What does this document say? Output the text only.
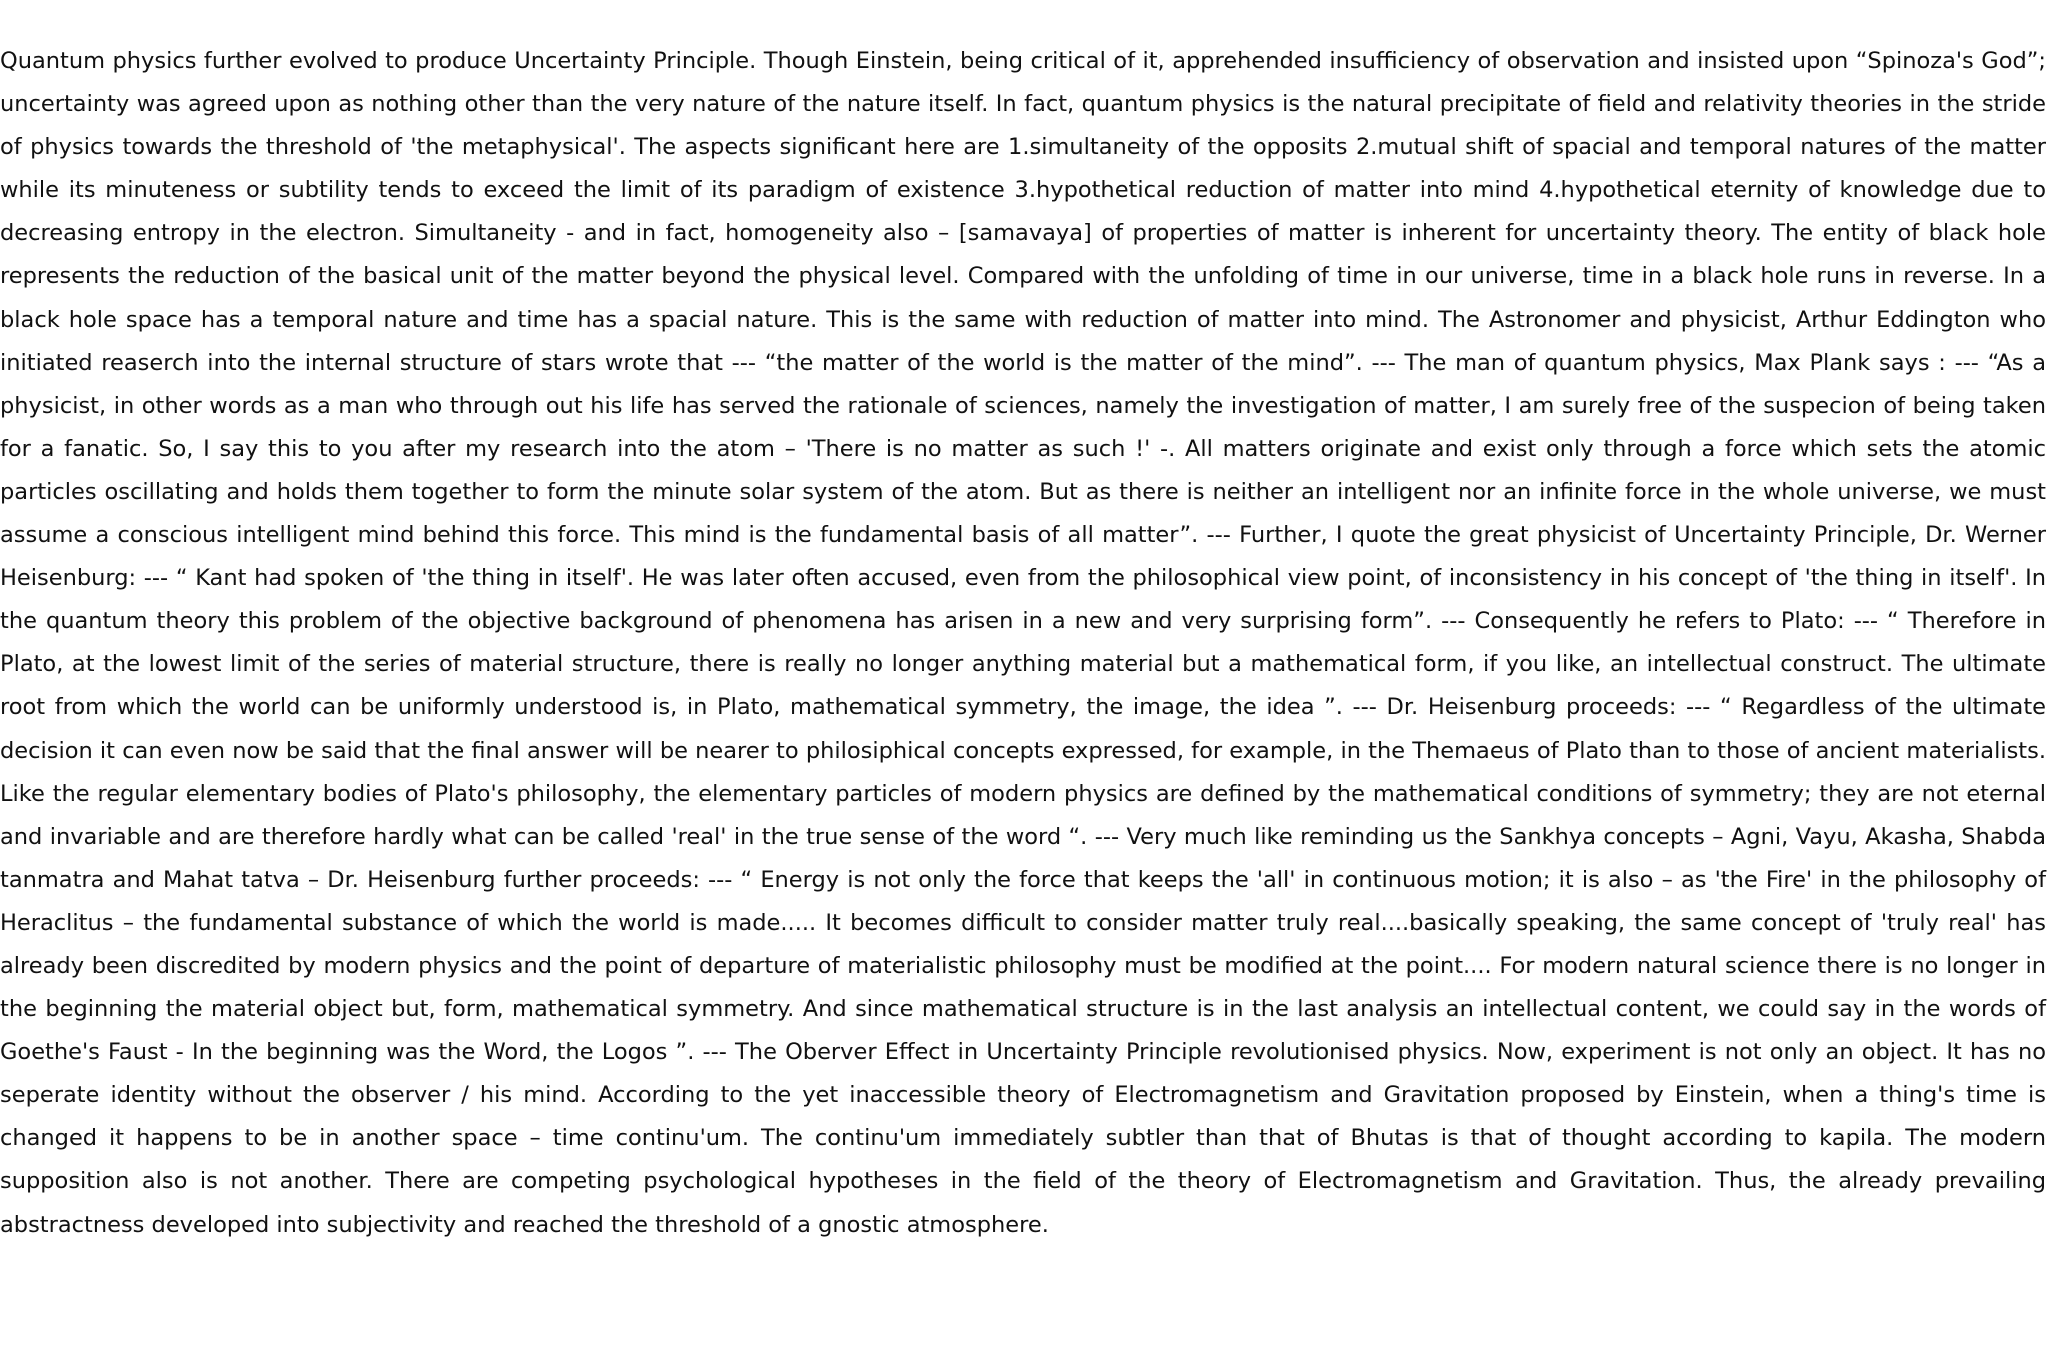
Quantum physics further evolved to produce Uncertainty Principle. Though Einstein, being critical of it, apprehended insufficiency of observation and insisted upon “Spinoza's God”; uncertainty was agreed upon as nothing other than the very nature of the nature itself. In fact, quantum physics is the natural precipitate of field and relativity theories in the stride of physics towards the threshold of 'the metaphysical'. The aspects significant here are 1.simultaneity of the opposits 2.mutual shift of spacial and temporal natures of the matter while its minuteness or subtility tends to exceed the limit of its paradigm of existence 3.hypothetical reduction of matter into mind 4.hypothetical eternity of knowledge due to decreasing entropy in the electron. Simultaneity - and in fact, homogeneity also – [samavaya] of properties of matter is inherent for uncertainty theory. The entity of black hole represents the reduction of the basical unit of the matter beyond the physical level. Compared with the unfolding of time in our universe, time in a black hole runs in reverse. In a black hole space has a temporal nature and time has a spacial nature. This is the same with reduction of matter into mind. The Astronomer and physicist, Arthur Eddington who initiated reaserch into the internal structure of stars wrote that --- “the matter of the world is the matter of the mind”. --- The man of quantum physics, Max Plank says : --- “As a physicist, in other words as a man who through out his life has served the rationale of sciences, namely the investigation of matter, I am surely free of the suspecion of being taken for a fanatic. So, I say this to you after my research into the atom – 'There is no matter as such !' -. All matters originate and exist only through a force which sets the atomic particles oscillating and holds them together to form the minute solar system of the atom. But as there is neither an intelligent nor an infinite force in the whole universe, we must assume a conscious intelligent mind behind this force. This mind is the fundamental basis of all matter”. --- Further, I quote the great physicist of Uncertainty Principle, Dr. Werner Heisenburg: --- “ Kant had spoken of 'the thing in itself'. He was later often accused, even from the philosophical view point, of inconsistency in his concept of 'the thing in itself'. In the quantum theory this problem of the objective background of phenomena has arisen in a new and very surprising form”. --- Consequently he refers to Plato: --- “ Therefore in Plato, at the lowest limit of the series of material structure, there is really no longer anything material but a mathematical form, if you like, an intellectual construct. The ultimate root from which the world can be uniformly understood is, in Plato, mathematical symmetry, the image, the idea ”. --- Dr. Heisenburg proceeds: --- “ Regardless of the ultimate decision it can even now be said that the final answer will be nearer to philosiphical concepts expressed, for example, in the Themaeus of Plato than to those of ancient materialists. Like the regular elementary bodies of Plato's philosophy, the elementary particles of modern physics are defined by the mathematical conditions of symmetry; they are not eternal and invariable and are therefore hardly what can be called 'real' in the true sense of the word “. --- Very much like reminding us the Sankhya concepts – Agni, Vayu, Akasha, Shabda tanmatra and Mahat tatva – Dr. Heisenburg further proceeds: --- “ Energy is not only the force that keeps the 'all' in continuous motion; it is also – as 'the Fire' in the philosophy of Heraclitus – the fundamental substance of which the world is made..... It becomes difficult to consider matter truly real....basically speaking, the same concept of 'truly real' has already been discredited by modern physics and the point of departure of materialistic philosophy must be modified at the point.... For modern natural science there is no longer in the beginning the material object but, form, mathematical symmetry. And since mathematical structure is in the last analysis an intellectual content, we could say in the words of Goethe's Faust - In the beginning was the Word, the Logos ”. --- The Oberver Effect in Uncertainty Principle revolutionised physics. Now, experiment is not only an object. It has no seperate identity without the observer / his mind. According to the yet inaccessible theory of Electromagnetism and Gravitation proposed by Einstein, when a thing's time is changed it happens to be in another space – time continu'um. The continu'um immediately subtler than that of Bhutas is that of thought according to kapila. The modern supposition also is not another. There are competing psychological hypotheses in the field of the theory of Electromagnetism and Gravitation. Thus, the already prevailing abstractness developed into subjectivity and reached the threshold of a gnostic atmosphere.
